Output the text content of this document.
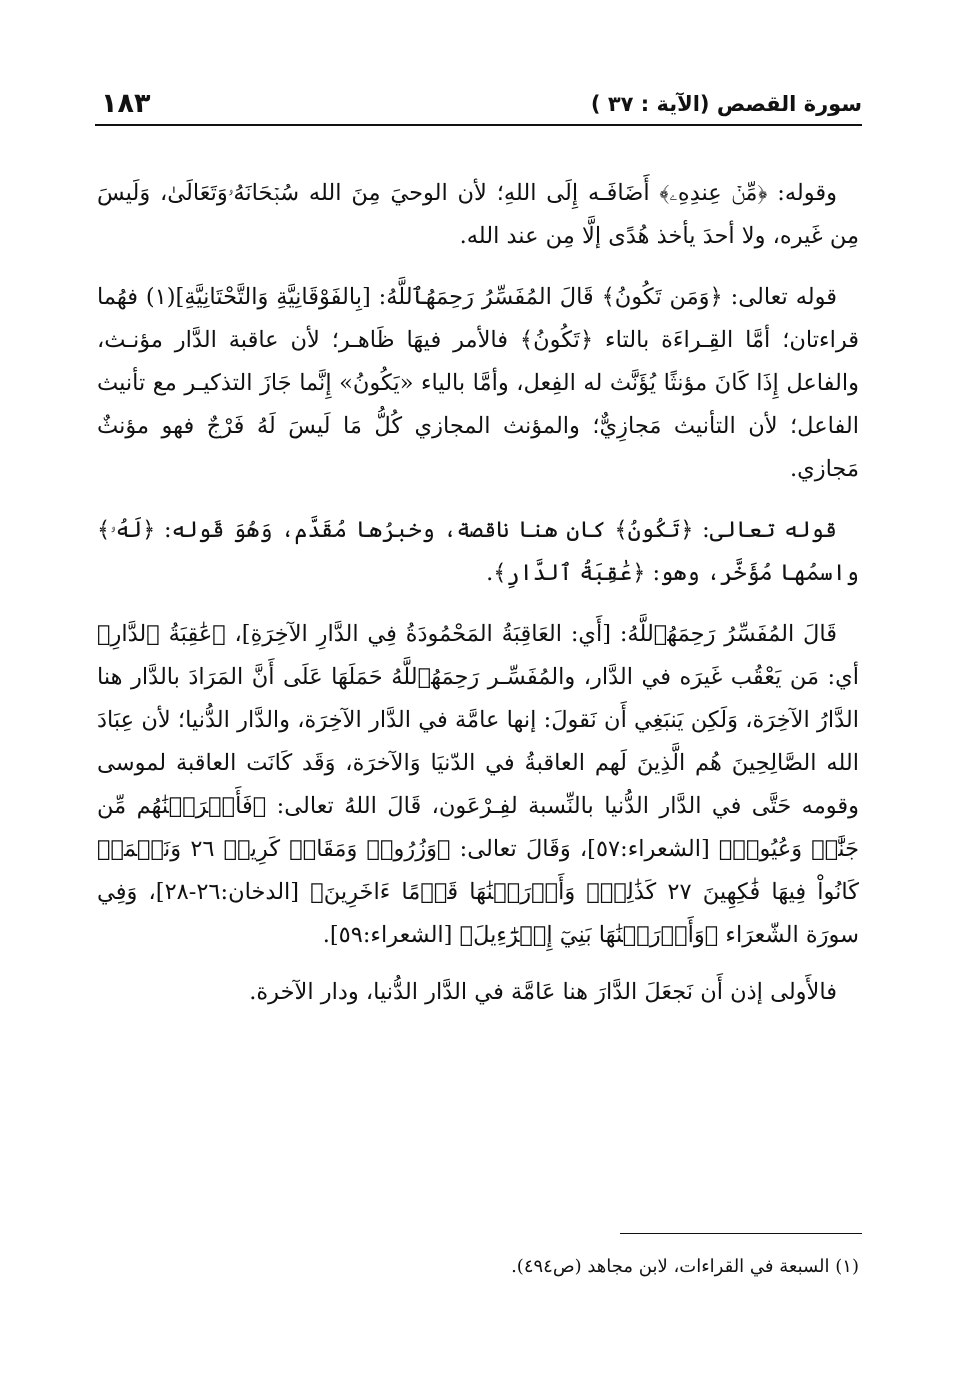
١٨٣	سورة القصص (الآية : ٣٧ )

وقوله: ﴿مِّنۡ عِندِهِۦ﴾ أَضَافَـه إِلَى اللهِ؛ لأن الوحيَ مِنَ الله سُبۡحَانَهُۥوَتَعَالَىٰ، وَلَيسَ مِن غَيره، ولا أحدَ يأخذ هُدًى إلَّا مِن عند الله.

قوله تعالى: ﴿وَمَن تَكُونُ﴾ قَالَ المُفَسِّرُ رَحِمَهُٱللَّهُ: [بِالفَوْقَانِيَّةِ وَالتَّحْتَانِيَّةِ](١) فهُما قراءتان؛ أمَّا القِـراءَة بالتاء ﴿تَكُونُ﴾ فالأمر فيهَا ظَاهـر؛ لأن عاقبة الدَّار مؤنـث، والفاعل إِذَا كَانَ مؤنثًا يُؤَنَّث له الفِعل، وأمَّا بالياء «يَكُونُ» إِنَّما جَازَ التذكيـر مع تأنيث الفاعل؛ لأن التأنيث مَجازِيٌّ؛ والمؤنث المجازي كُلُّ مَا لَيسَ لَهُ فَرْجٌ فهو مؤنثٌ مَجازي.

قوله تعالى: ﴿تَكُونُ﴾ كان هنا ناقصة، وخبرُها مُقَدَّم، وَهُوَ قَوله: ﴿لَهُۥ﴾ واسمُها مُؤَخَّر، وهو: ﴿عَٰقِبَةُ ٱلدَّارِ﴾.

قَالَ المُفَسِّرُ رَحِمَهُٱللَّهُ: [أَي: العَاقِبَةُ المَحْمُودَةُ فِي الدَّارِ الآخِرَةِ]، ﴿عَٰقِبَةُ ٱلدَّارِ﴾ أي: مَن يَعْقُب غَيرَه في الدَّار، والمُفَسِّـر رَحِمَهُٱللَّهُ حَمَلَهَا عَلَى أَنَّ المَرَادَ بالدَّار هنا الدَّارُ الآخِرَة، وَلَكِن يَنبَغِي أَن نَقولَ: إنها عامَّة في الدَّار الآخِرَة، والدَّار الدُّنيا؛ لأن عِبَادَ الله الصَّالِحِينَ هُم الَّذِينَ لَهم العاقبةُ في الدّنيَا وَالآخرَة، وَقَد كَانَت العاقبة لموسى وقومه حَتَّى في الدَّار الدُّنيا بالنِّسبة لفِـرْعَون، قَالَ اللهُ تعالى: ﴿فَأَخۡرَجۡنَٰهُم مِّن جَنَّٰتٖ وَعُيُونٖ﴾ [الشعراء:٥٧]، وَقَالَ تعالى: ﴿وَزُرُوعٖ وَمَقَامٖ كَرِيمٖ ٢٦ وَنَعۡمَةٖ كَانُواْ فِيهَا فَٰكِهِينَ ٢٧ كَذَٰلِكَۖ وَأَوۡرَثۡنَٰهَا قَوۡمًا ءَاخَرِينَ﴾ [الدخان:٢٦-٢٨]، وَفِي سورَة الشّعرَاء ﴿وَأَوۡرَثۡنَٰهَا بَنِيٓ إِسۡرَٰٓءِيلَ﴾ [الشعراء:٥٩].

فالأَولى إذن أَن نَجعَلَ الدَّارَ هنا عَامَّة في الدَّار الدُّنيا، ودار الآخرة.

(١) السبعة في القراءات، لابن مجاهد (ص٤٩٤).
